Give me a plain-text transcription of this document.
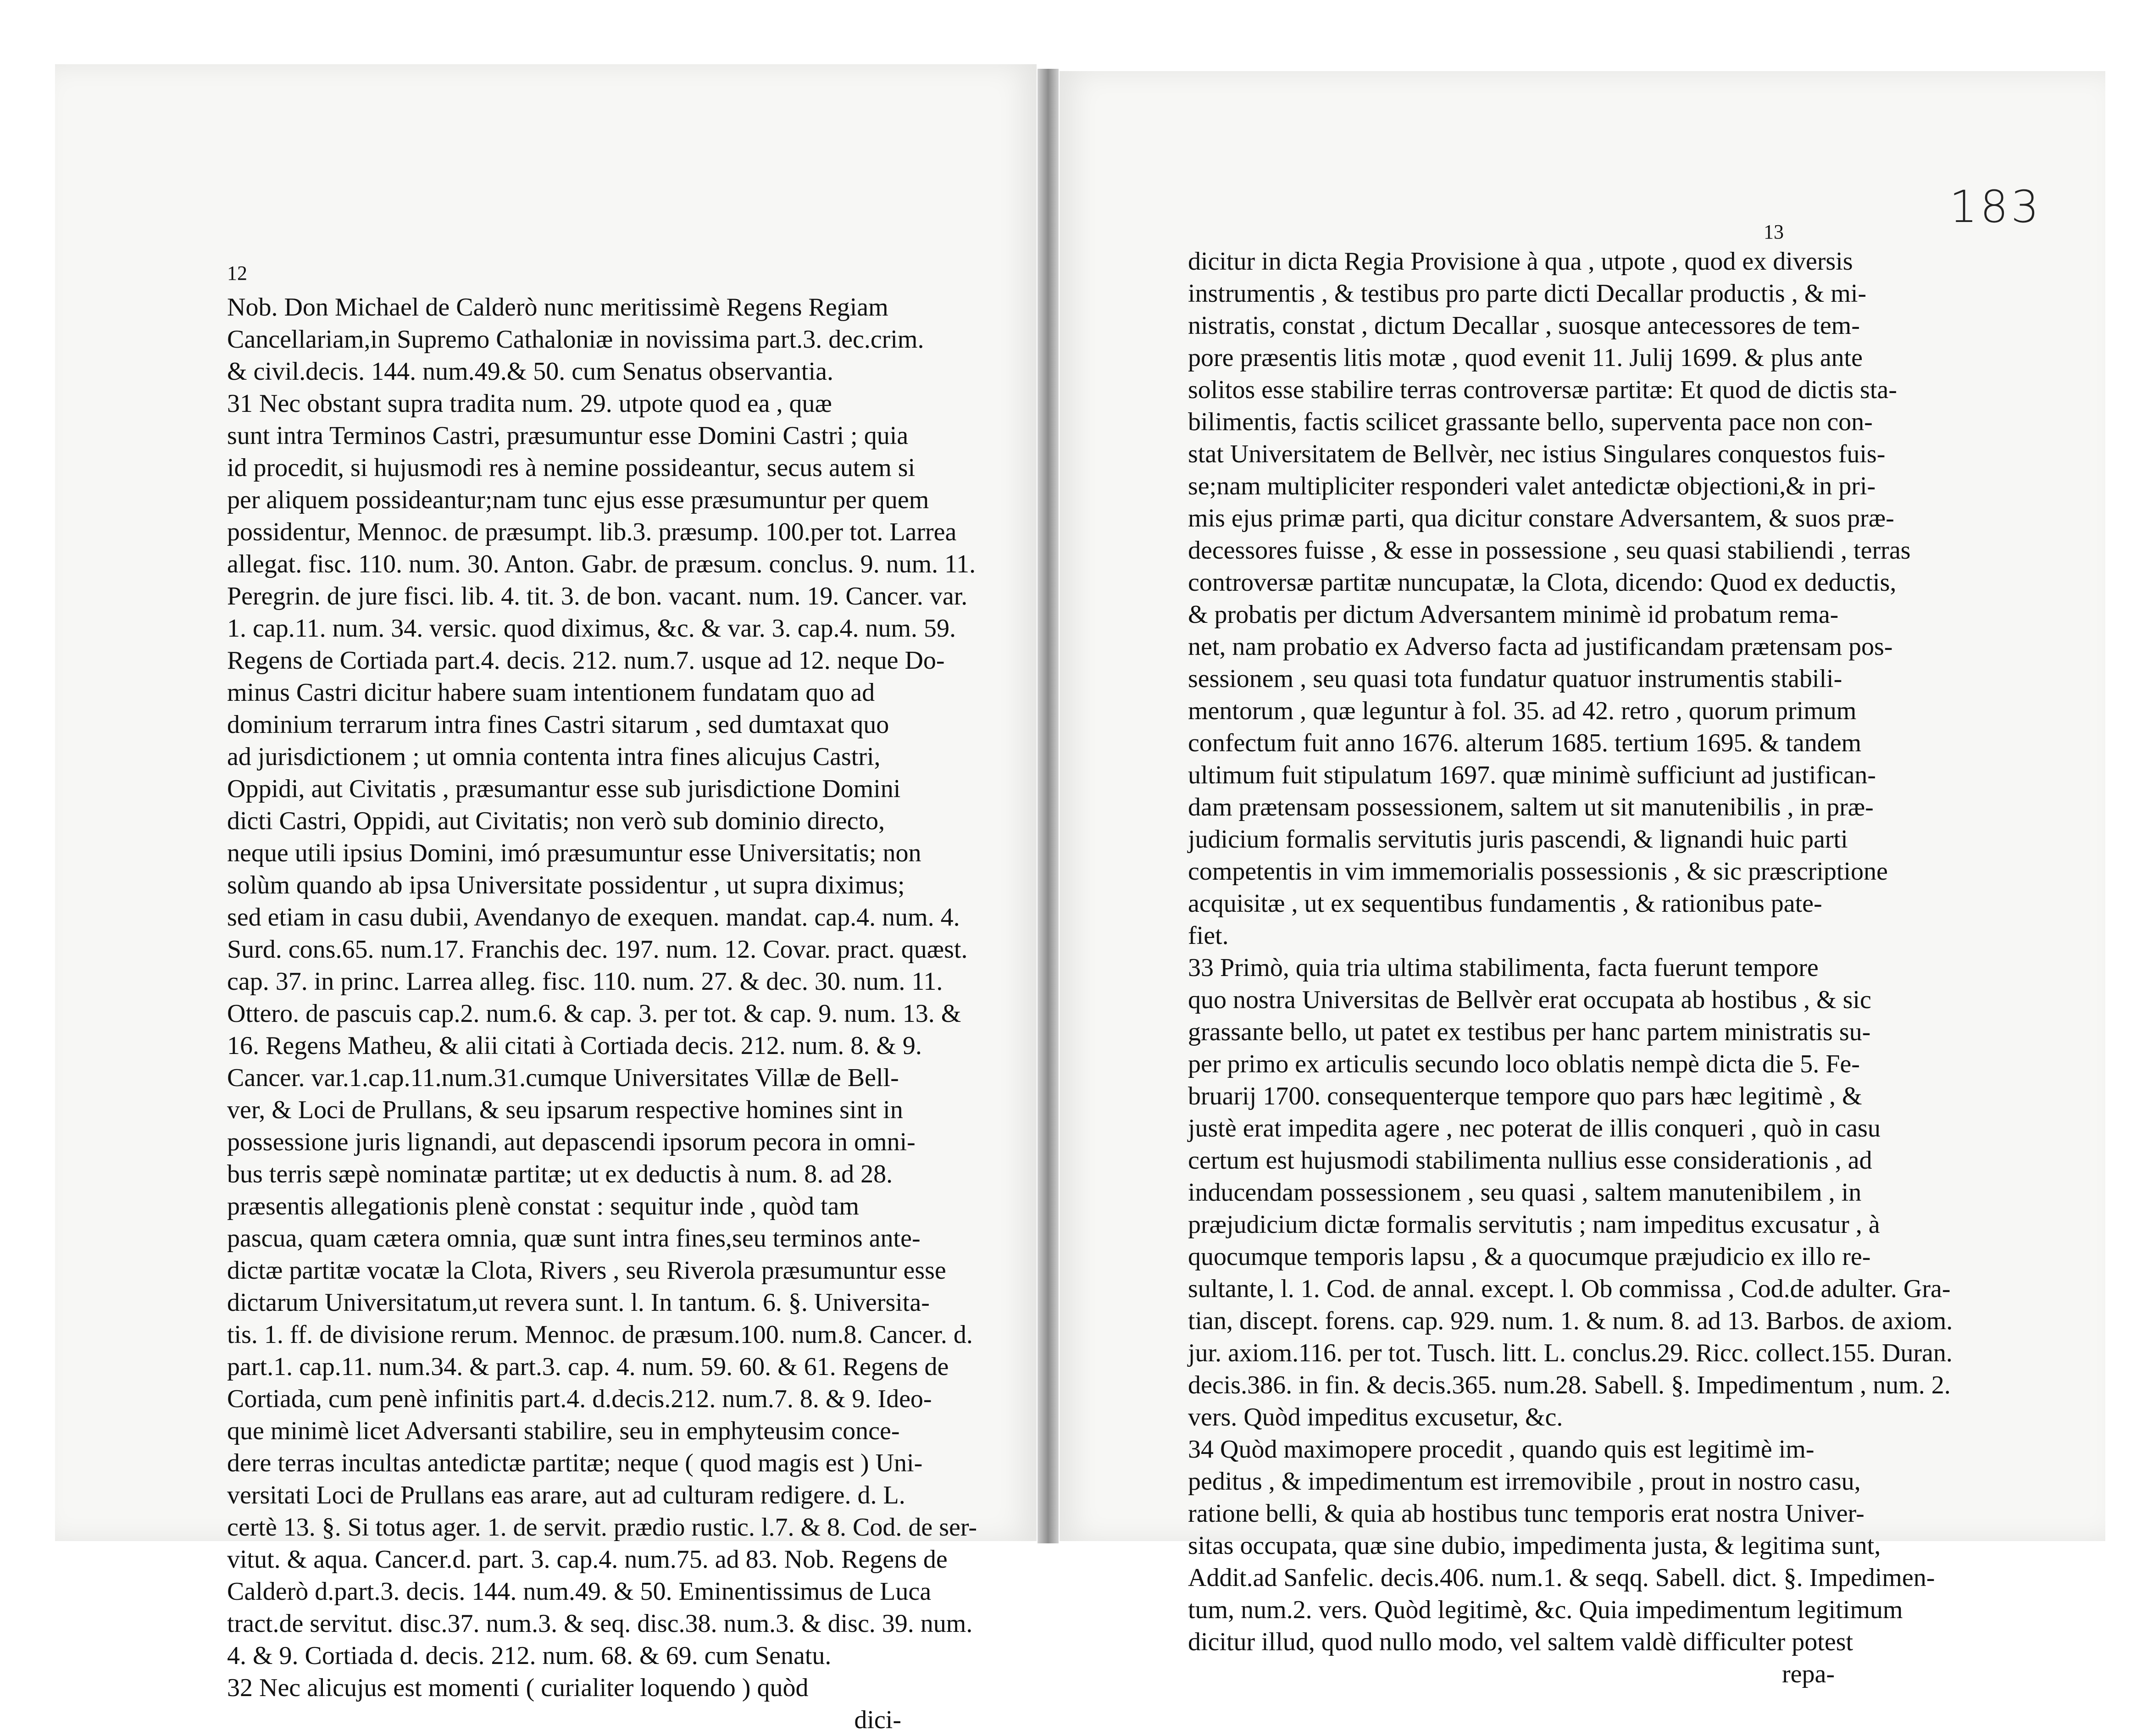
12
13	183
Nob. Don Michael de Calderò nunc meritissimè Regens Regiam
Cancellariam,in Supremo Cathaloniæ in novissima part.3. dec.crim.
& civil.decis. 144. num.49.& 50. cum Senatus observantia.
31 Nec obstant supra tradita num. 29. utpote quod ea , quæ
sunt intra Terminos Castri, præsumuntur esse Domini Castri ; quia
id procedit, si hujusmodi res à nemine possideantur, secus autem si
per aliquem possideantur;nam tunc ejus esse præsumuntur per quem
possidentur, Mennoc. de præsumpt. lib.3. præsump. 100.per tot. Larrea
allegat. fisc. 110. num. 30. Anton. Gabr. de præsum. conclus. 9. num. 11.
Peregrin. de jure fisci. lib. 4. tit. 3. de bon. vacant. num. 19. Cancer. var.
1. cap.11. num. 34. versic. quod diximus, &c. & var. 3. cap.4. num. 59.
Regens de Cortiada part.4. decis. 212. num.7. usque ad 12. neque Do-
minus Castri dicitur habere suam intentionem fundatam quo ad
dominium terrarum intra fines Castri sitarum , sed dumtaxat quo
ad jurisdictionem ; ut omnia contenta intra fines alicujus Castri,
Oppidi, aut Civitatis , præsumantur esse sub jurisdictione Domini
dicti Castri, Oppidi, aut Civitatis; non verò sub dominio directo,
neque utili ipsius Domini, imó præsumuntur esse Universitatis; non
solùm quando ab ipsa Universitate possidentur , ut supra diximus;
sed etiam in casu dubii, Avendanyo de exequen. mandat. cap.4. num. 4.
Surd. cons.65. num.17. Franchis dec. 197. num. 12. Covar. pract. quæst.
cap. 37. in princ. Larrea alleg. fisc. 110. num. 27. & dec. 30. num. 11.
Ottero. de pascuis cap.2. num.6. & cap. 3. per tot. & cap. 9. num. 13. &
16. Regens Matheu, & alii citati à Cortiada decis. 212. num. 8. & 9.
Cancer. var.1.cap.11.num.31.cumque Universitates Villæ de Bell-
ver, & Loci de Prullans, & seu ipsarum respective homines sint in
possessione juris lignandi, aut depascendi ipsorum pecora in omni-
bus terris sæpè nominatæ partitæ; ut ex deductis à num. 8. ad 28.
præsentis allegationis plenè constat : sequitur inde , quòd tam
pascua, quam cætera omnia, quæ sunt intra fines,seu terminos ante-
dictæ partitæ vocatæ la Clota, Rivers , seu Riverola præsumuntur esse
dictarum Universitatum,ut revera sunt. l. In tantum. 6. §. Universita-
tis. 1. ff. de divisione rerum. Mennoc. de præsum.100. num.8. Cancer. d.
part.1. cap.11. num.34. & part.3. cap. 4. num. 59. 60. & 61. Regens de
Cortiada, cum penè infinitis part.4. d.decis.212. num.7. 8. & 9. Ideo-
que minimè licet Adversanti stabilire, seu in emphyteusim conce-
dere terras incultas antedictæ partitæ; neque ( quod magis est ) Uni-
versitati Loci de Prullans eas arare, aut ad culturam redigere. d. L.
certè 13. §. Si totus ager. 1. de servit. prædio rustic. l.7. & 8. Cod. de ser-
vitut. & aqua. Cancer.d. part. 3. cap.4. num.75. ad 83. Nob. Regens de
Calderò d.part.3. decis. 144. num.49. & 50. Eminentissimus de Luca
tract.de servitut. disc.37. num.3. & seq. disc.38. num.3. & disc. 39. num.
4. & 9. Cortiada d. decis. 212. num. 68. & 69. cum Senatu.
32 Nec alicujus est momenti ( curialiter loquendo ) quòd
dici-
dicitur in dicta Regia Provisione à qua , utpote , quod ex diversis
instrumentis , & testibus pro parte dicti Decallar productis , & mi-
nistratis, constat , dictum Decallar , suosque antecessores de tem-
pore præsentis litis motæ , quod evenit 11. Julij 1699. & plus ante
solitos esse stabilire terras controversæ partitæ: Et quod de dictis sta-
bilimentis, factis scilicet grassante bello, superventa pace non con-
stat Universitatem de Bellvèr, nec istius Singulares conquestos fuis-
se;nam multipliciter responderi valet antedictæ objectioni,& in pri-
mis ejus primæ parti, qua dicitur constare Adversantem, & suos præ-
decessores fuisse , & esse in possessione , seu quasi stabiliendi , terras
controversæ partitæ nuncupatæ, la Clota, dicendo: Quod ex deductis,
& probatis per dictum Adversantem minimè id probatum rema-
net, nam probatio ex Adverso facta ad justificandam prætensam pos-
sessionem , seu quasi tota fundatur quatuor instrumentis stabili-
mentorum , quæ leguntur à fol. 35. ad 42. retro , quorum primum
confectum fuit anno 1676. alterum 1685. tertium 1695. & tandem
ultimum fuit stipulatum 1697. quæ minimè sufficiunt ad justifican-
dam prætensam possessionem, saltem ut sit manutenibilis , in præ-
judicium formalis servitutis juris pascendi, & lignandi huic parti
competentis in vim immemorialis possessionis , & sic præscriptione
acquisitæ , ut ex sequentibus fundamentis , & rationibus pate-
fiet.
33 Primò, quia tria ultima stabilimenta, facta fuerunt tempore
quo nostra Universitas de Bellvèr erat occupata ab hostibus , & sic
grassante bello, ut patet ex testibus per hanc partem ministratis su-
per primo ex articulis secundo loco oblatis nempè dicta die 5. Fe-
bruarij 1700. consequenterque tempore quo pars hæc legitimè , &
justè erat impedita agere , nec poterat de illis conqueri , quò in casu
certum est hujusmodi stabilimenta nullius esse considerationis , ad
inducendam possessionem , seu quasi , saltem manutenibilem , in
præjudicium dictæ formalis servitutis ; nam impeditus excusatur , à
quocumque temporis lapsu , & a quocumque præjudicio ex illo re-
sultante, l. 1. Cod. de annal. except. l. Ob commissa , Cod.de adulter. Gra-
tian, discept. forens. cap. 929. num. 1. & num. 8. ad 13. Barbos. de axiom.
jur. axiom.116. per tot. Tusch. litt. L. conclus.29. Ricc. collect.155. Duran.
decis.386. in fin. & decis.365. num.28. Sabell. §. Impedimentum , num. 2.
vers. Quòd impeditus excusetur, &c.
34 Quòd maximopere procedit , quando quis est legitimè im-
peditus , & impedimentum est irremovibile , prout in nostro casu,
ratione belli, & quia ab hostibus tunc temporis erat nostra Univer-
sitas occupata, quæ sine dubio, impedimenta justa, & legitima sunt,
Addit.ad Sanfelic. decis.406. num.1. & seqq. Sabell. dict. §. Impedimen-
tum, num.2. vers. Quòd legitimè, &c. Quia impedimentum legitimum
dicitur illud, quod nullo modo, vel saltem valdè difficulter potest
repa-
